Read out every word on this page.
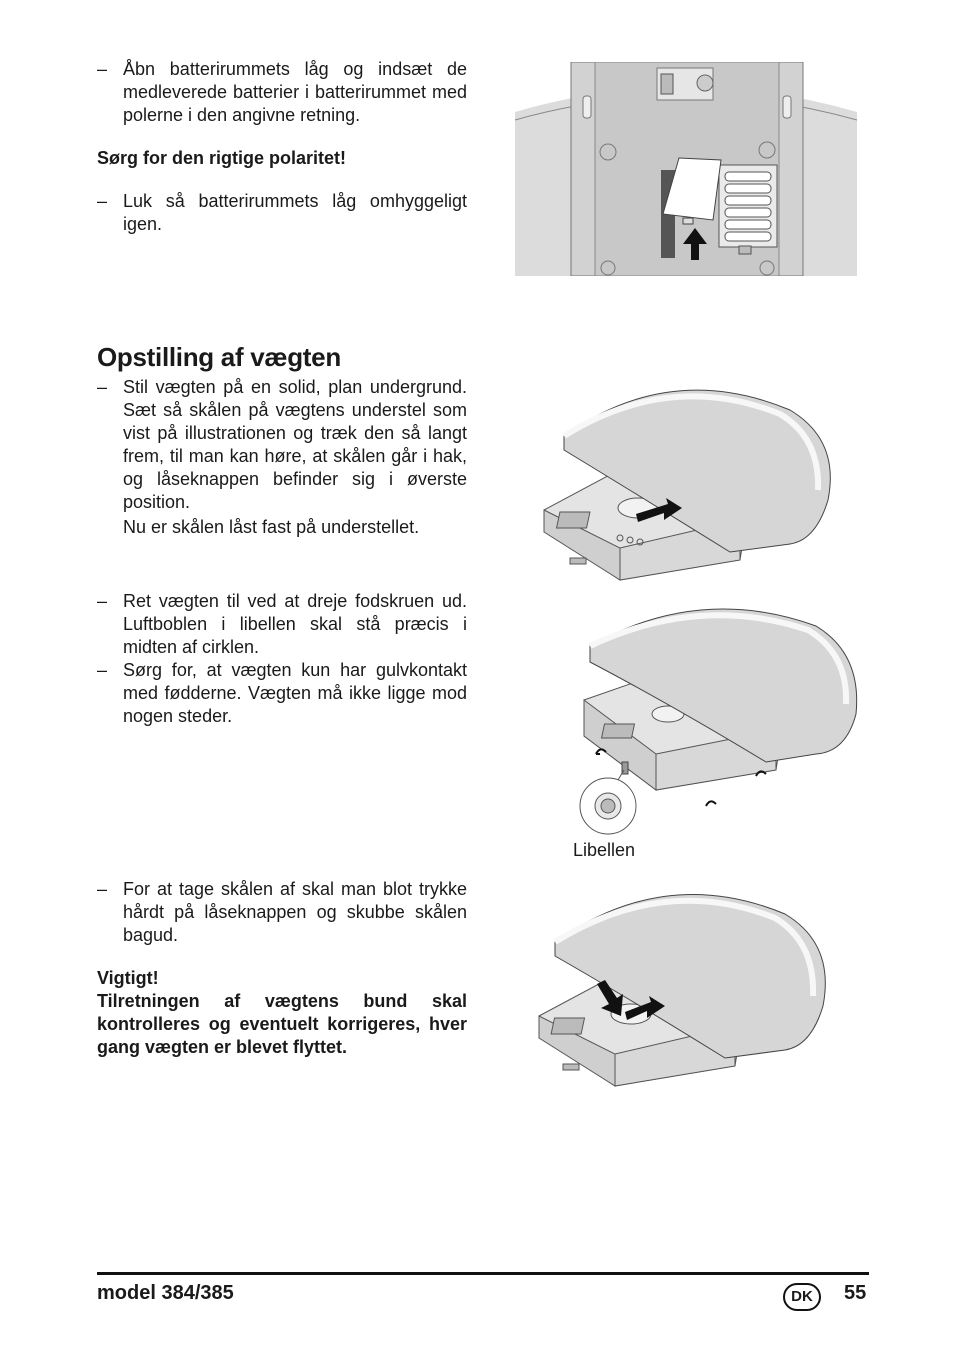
– Åbn batterirummets låg og indsæt de medleverede batterier i batterirummet med polerne i den angivne retning.
Sørg for den rigtige polaritet!
– Luk så batterirummets låg omhyggeligt igen.
Opstilling af vægten
– Stil vægten på en solid, plan undergrund. Sæt så skålen på vægtens understel som vist på illustrationen og træk den så langt frem, til man kan høre, at skålen går i hak, og låseknappen befinder sig i øverste position.
Nu er skålen låst fast på understellet.
– Ret vægten til ved at dreje fodskruen ud. Luftboblen i libellen skal stå præcis i midten af cirklen.
– Sørg for, at vægten kun har gulvkontakt med fødderne. Vægten må ikke ligge mod nogen steder.
Libellen
– For at tage skålen af skal man blot trykke hårdt på låseknappen og skubbe skålen bagud.
Vigtigt!
Tilretningen af vægtens bund skal kontrolleres og eventuelt korrigeres, hver gang vægten er blevet flyttet.
model 384/385	DK	55
